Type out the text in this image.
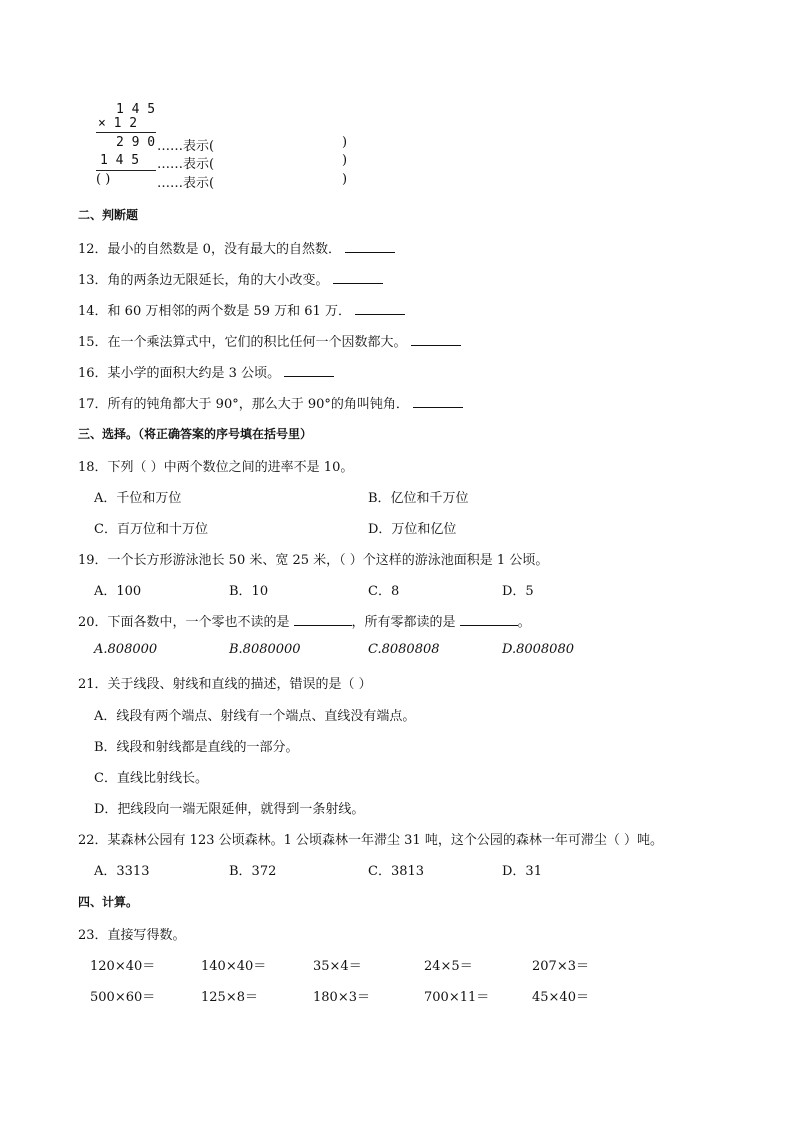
1 4 5
× 1 2
2 9 0 ……表示(	)
1 4 5 ……表示(	)
( )	……表示(	)
二、判断题
12．最小的自然数是 0，没有最大的自然数．
13．角的两条边无限延长，角的大小改变。
14．和 60 万相邻的两个数是 59 万和 61 万．
15．在一个乘法算式中，它们的积比任何一个因数都大。
16．某小学的面积大约是 3 公顷。
17．所有的钝角都大于 90°，那么大于 90°的角叫钝角．
三、选择。（将正确答案的序号填在括号里）
18．下列（ ）中两个数位之间的进率不是 10。
A．千位和万位	B．亿位和千万位
C．百万位和十万位	D．万位和亿位
19．一个长方形游泳池长 50 米、宽 25 米，（ ）个这样的游泳池面积是 1 公顷。
A．100	B．10	C．8	D．5
20．下面各数中，一个零也不读的是	，所有零都读的是	。
A.808000	B.8080000	C.8080808	D.8008080
21．关于线段、射线和直线的描述，错误的是（ ）
A．线段有两个端点、射线有一个端点、直线没有端点。
B．线段和射线都是直线的一部分。
C．直线比射线长。
D．把线段向一端无限延伸，就得到一条射线。
22．某森林公园有 123 公顷森林。1 公顷森林一年滞尘 31 吨，这个公园的森林一年可滞尘（ ）吨。
A．3313	B．372	C．3813	D．31
四、计算。
23．直接写得数。
120×40＝	140×40＝	35×4＝	24×5＝	207×3＝
500×60＝	125×8＝	180×3＝	700×11＝	45×40＝
